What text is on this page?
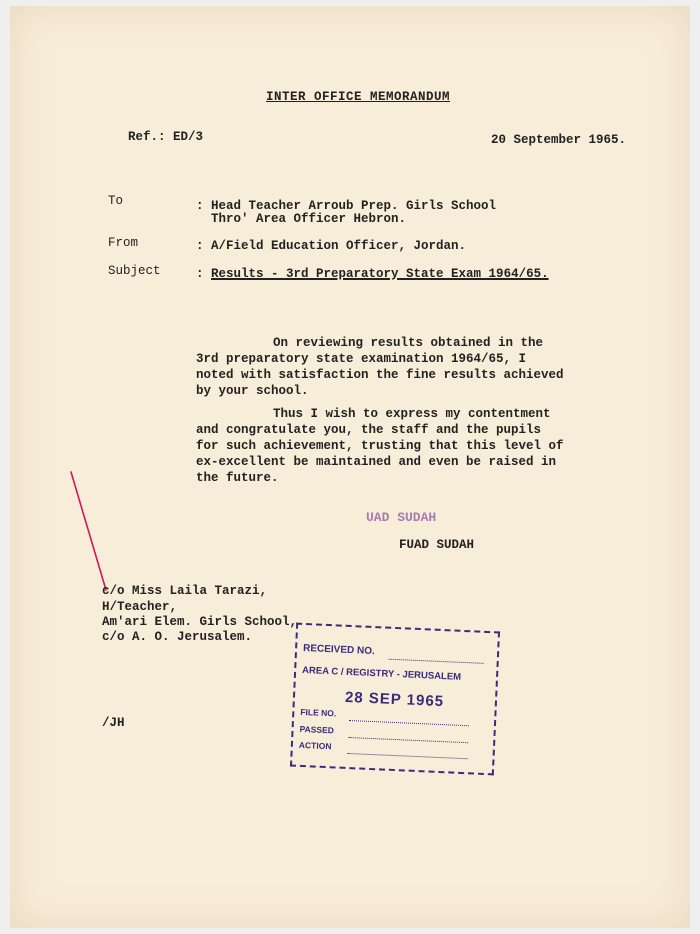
INTER OFFICE MEMORANDUM
Ref.: ED/3	20 September 1965.
To	: Head Teacher Arroub Prep. Girls School
Thro' Area Officer Hebron.
From	: A/Field Education Officer, Jordan.
Subject	: Results - 3rd Preparatory State Exam 1964/65.
On reviewing results obtained in the 3rd preparatory state examination 1964/65, I noted with satisfaction the fine results achieved by your school.
Thus I wish to express my contentment and congratulate you, the staff and the pupils for such achievement, trusting that this level of ex-excellent be maintained and even be raised in the future.
UAD SUDAH
FUAD SUDAH
c/o Miss Laila Tarazi,
H/Teacher,
Am'ari Elem. Girls School,
c/o A. O. Jerusalem.
/JH
RECEIVED NO.
AREA C / REGISTRY - JERUSALEM
28 SEP 1965
FILE NO.
PASSED
ACTION
